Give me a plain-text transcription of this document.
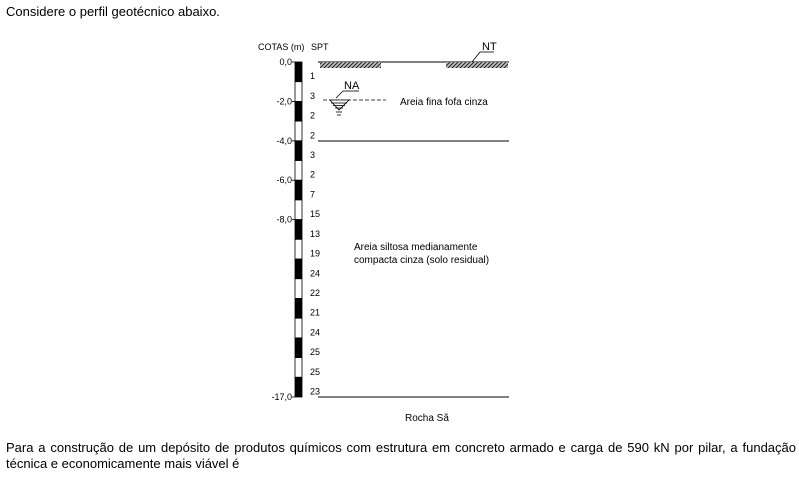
Considere o perfil geotécnico abaixo.
COTAS (m) SPT
0,0
-2,0
-4,0
-6,0
-8,0
-17,0
1
3
2
2
3
2
7
15
13
19
24
22
21
24
25
25
23
NT
NA
Areia fina fofa cinza
Areia siltosa medianamente
compacta cinza (solo residual)
Rocha Sã
Para a construção de um depósito de produtos químicos com estrutura em concreto armado e carga de 590 kN por pilar, a fundação técnica e economicamente mais viável é
